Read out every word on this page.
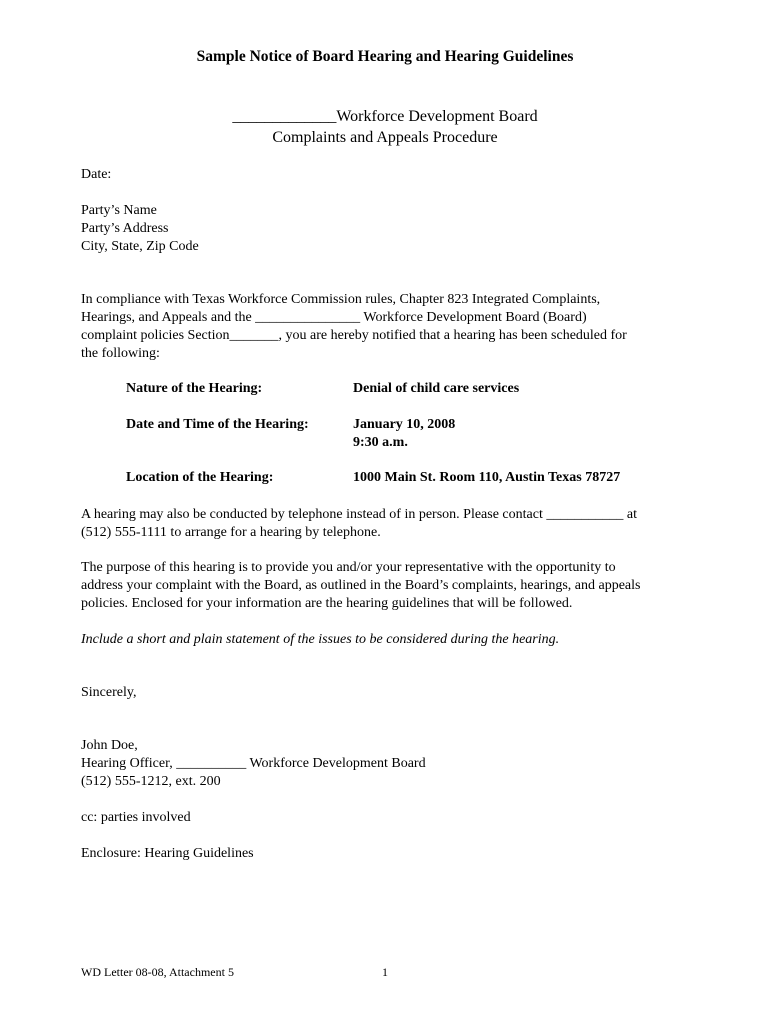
Sample Notice of Board Hearing and Hearing Guidelines
_____________Workforce Development Board
Complaints and Appeals Procedure
Date:
Party’s Name
Party’s Address
City, State, Zip Code
In compliance with Texas Workforce Commission rules, Chapter 823 Integrated Complaints,
Hearings, and Appeals and the _______________ Workforce Development Board (Board)
complaint policies Section_______, you are hereby notified that a hearing has been scheduled for
the following:
Nature of the Hearing:	Denial of child care services
Date and Time of the Hearing:	January 10, 2008
9:30 a.m.
Location of the Hearing:	1000 Main St. Room 110, Austin Texas 78727
A hearing may also be conducted by telephone instead of in person. Please contact ___________ at
(512) 555-1111 to arrange for a hearing by telephone.
The purpose of this hearing is to provide you and/or your representative with the opportunity to
address your complaint with the Board, as outlined in the Board’s complaints, hearings, and appeals
policies. Enclosed for your information are the hearing guidelines that will be followed.
Include a short and plain statement of the issues to be considered during the hearing.
Sincerely,
John Doe,
Hearing Officer, __________ Workforce Development Board
(512) 555-1212, ext. 200
cc: parties involved
Enclosure: Hearing Guidelines
WD Letter 08-08, Attachment 5	1
